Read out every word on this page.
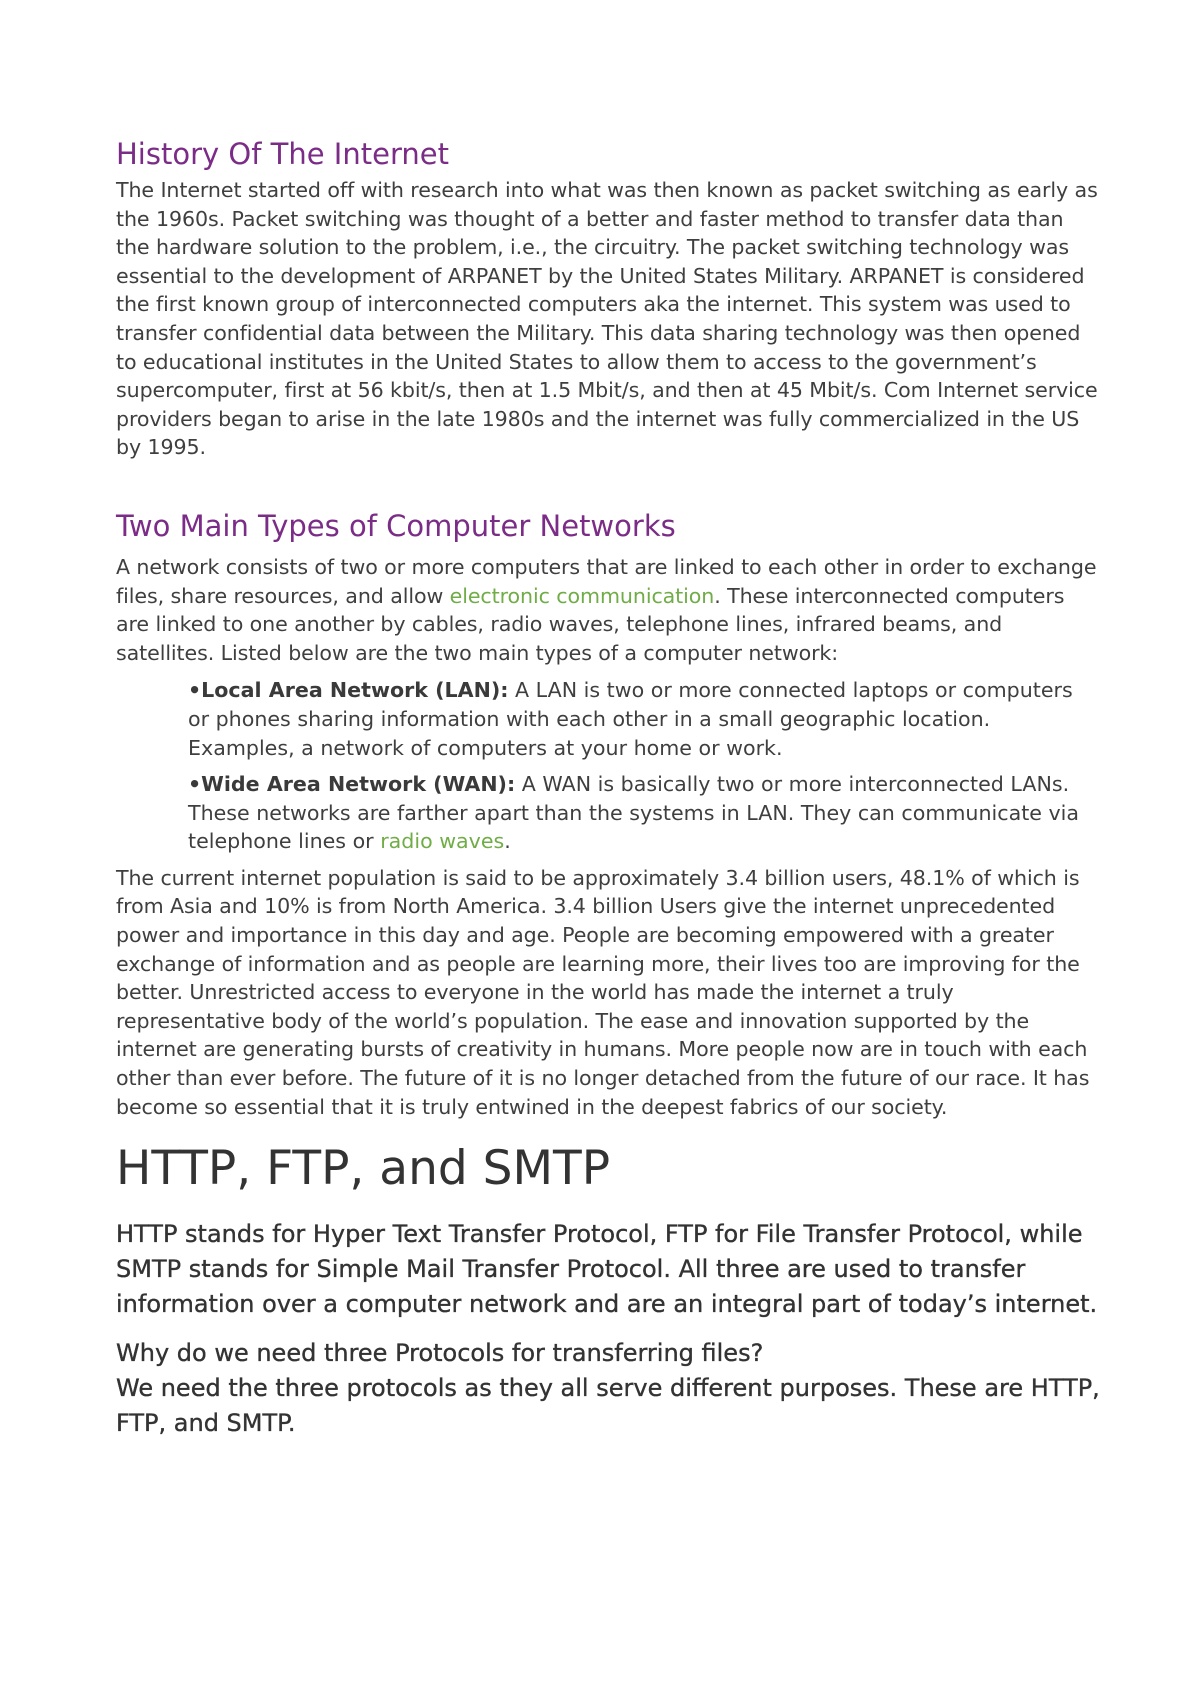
History Of The Internet

The Internet started off with research into what was then known as packet switching as early as the 1960s. Packet switching was thought of a better and faster method to transfer data than the hardware solution to the problem, i.e., the circuitry. The packet switching technology was essential to the development of ARPANET by the United States Military. ARPANET is considered the first known group of interconnected computers aka the internet. This system was used to transfer confidential data between the Military. This data sharing technology was then opened to educational institutes in the United States to allow them to access to the government’s supercomputer, first at 56 kbit/s, then at 1.5 Mbit/s, and then at 45 Mbit/s. Com Internet service providers began to arise in the late 1980s and the internet was fully commercialized in the US by 1995.

Two Main Types of Computer Networks

A network consists of two or more computers that are linked to each other in order to exchange files, share resources, and allow electronic communication. These interconnected computers are linked to one another by cables, radio waves, telephone lines, infrared beams, and satellites. Listed below are the two main types of a computer network:

•Local Area Network (LAN): A LAN is two or more connected laptops or computers or phones sharing information with each other in a small geographic location. Examples, a network of computers at your home or work.

•Wide Area Network (WAN): A WAN is basically two or more interconnected LANs. These networks are farther apart than the systems in LAN. They can communicate via telephone lines or radio waves.

The current internet population is said to be approximately 3.4 billion users, 48.1% of which is from Asia and 10% is from North America. 3.4 billion Users give the internet unprecedented power and importance in this day and age. People are becoming empowered with a greater exchange of information and as people are learning more, their lives too are improving for the better. Unrestricted access to everyone in the world has made the internet a truly representative body of the world’s population. The ease and innovation supported by the internet are generating bursts of creativity in humans. More people now are in touch with each other than ever before. The future of it is no longer detached from the future of our race. It has become so essential that it is truly entwined in the deepest fabrics of our society.

HTTP, FTP, and SMTP

HTTP stands for Hyper Text Transfer Protocol, FTP for File Transfer Protocol, while SMTP stands for Simple Mail Transfer Protocol. All three are used to transfer information over a computer network and are an integral part of today’s internet.

Why do we need three Protocols for transferring files?

We need the three protocols as they all serve different purposes. These are HTTP, FTP, and SMTP.
